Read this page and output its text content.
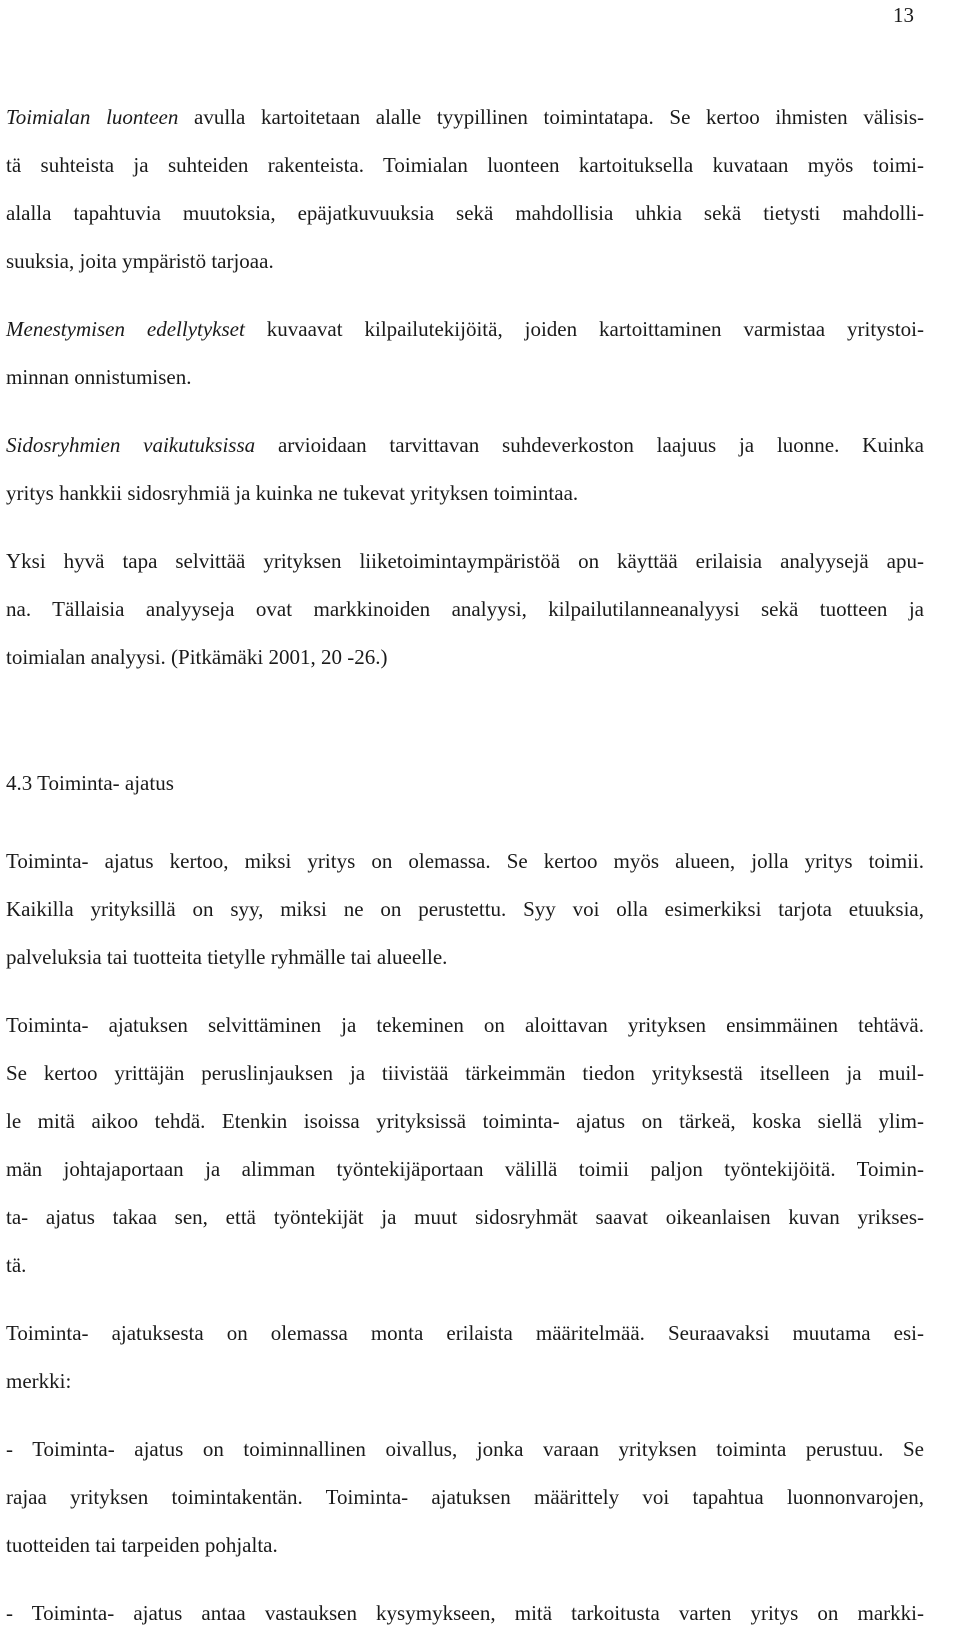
13
Toimialan luonteen avulla kartoitetaan alalle tyypillinen toimintatapa. Se kertoo ihmisten välisis-
tä suhteista ja suhteiden rakenteista. Toimialan luonteen kartoituksella kuvataan myös toimi-
alalla tapahtuvia muutoksia, epäjatkuvuuksia sekä mahdollisia uhkia sekä tietysti mahdolli-
suuksia, joita ympäristö tarjoaa.
Menestymisen edellytykset kuvaavat kilpailutekijöitä, joiden kartoittaminen varmistaa yritystoi-
minnan onnistumisen.
Sidosryhmien vaikutuksissa arvioidaan tarvittavan suhdeverkoston laajuus ja luonne. Kuinka
yritys hankkii sidosryhmiä ja kuinka ne tukevat yrityksen toimintaa.
Yksi hyvä tapa selvittää yrityksen liiketoimintaympäristöä on käyttää erilaisia analyysejä apu-
na. Tällaisia analyyseja ovat markkinoiden analyysi, kilpailutilanneanalyysi sekä tuotteen ja
toimialan analyysi. (Pitkämäki 2001, 20 -26.)
4.3 Toiminta- ajatus
Toiminta- ajatus kertoo, miksi yritys on olemassa. Se kertoo myös alueen, jolla yritys toimii.
Kaikilla yrityksillä on syy, miksi ne on perustettu. Syy voi olla esimerkiksi tarjota etuuksia,
palveluksia tai tuotteita tietylle ryhmälle tai alueelle.
Toiminta- ajatuksen selvittäminen ja tekeminen on aloittavan yrityksen ensimmäinen tehtävä.
Se kertoo yrittäjän peruslinjauksen ja tiivistää tärkeimmän tiedon yrityksestä itselleen ja muil-
le mitä aikoo tehdä. Etenkin isoissa yrityksissä toiminta- ajatus on tärkeä, koska siellä ylim-
män johtajaportaan ja alimman työntekijäportaan välillä toimii paljon työntekijöitä. Toimin-
ta- ajatus takaa sen, että työntekijät ja muut sidosryhmät saavat oikeanlaisen kuvan yrikses-
tä.
Toiminta- ajatuksesta on olemassa monta erilaista määritelmää. Seuraavaksi muutama esi-
merkki:
- Toiminta- ajatus on toiminnallinen oivallus, jonka varaan yrityksen toiminta perustuu. Se
rajaa yrityksen toimintakentän. Toiminta- ajatuksen määrittely voi tapahtua luonnonvarojen,
tuotteiden tai tarpeiden pohjalta.
- Toiminta- ajatus antaa vastauksen kysymykseen, mitä tarkoitusta varten yritys on markki-
